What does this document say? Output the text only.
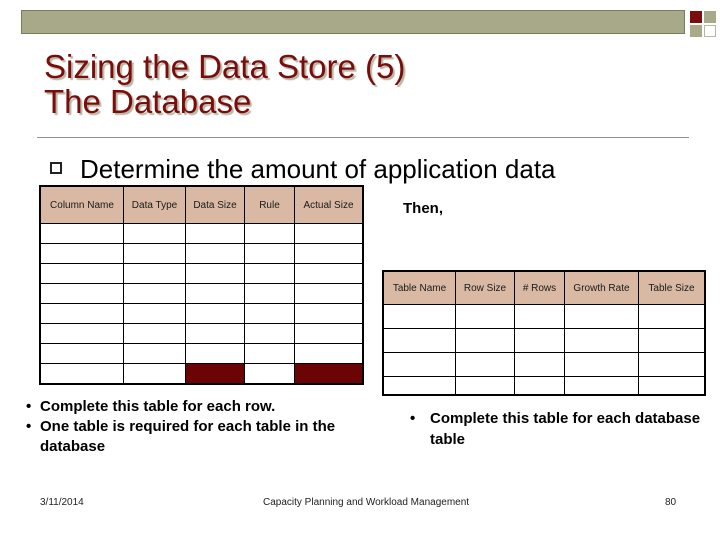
Sizing the Data Store (5)
The Database
Determine the amount of application data
Then,
Column Name	Data Type	Data Size	Rule	Actual Size

Table Name	Row Size	# Rows	Growth Rate	Table Size

• Complete this table for each row.
• One table is required for each table in the database
• Complete this table for each database table
3/11/2014	Capacity Planning and Workload Management	80
